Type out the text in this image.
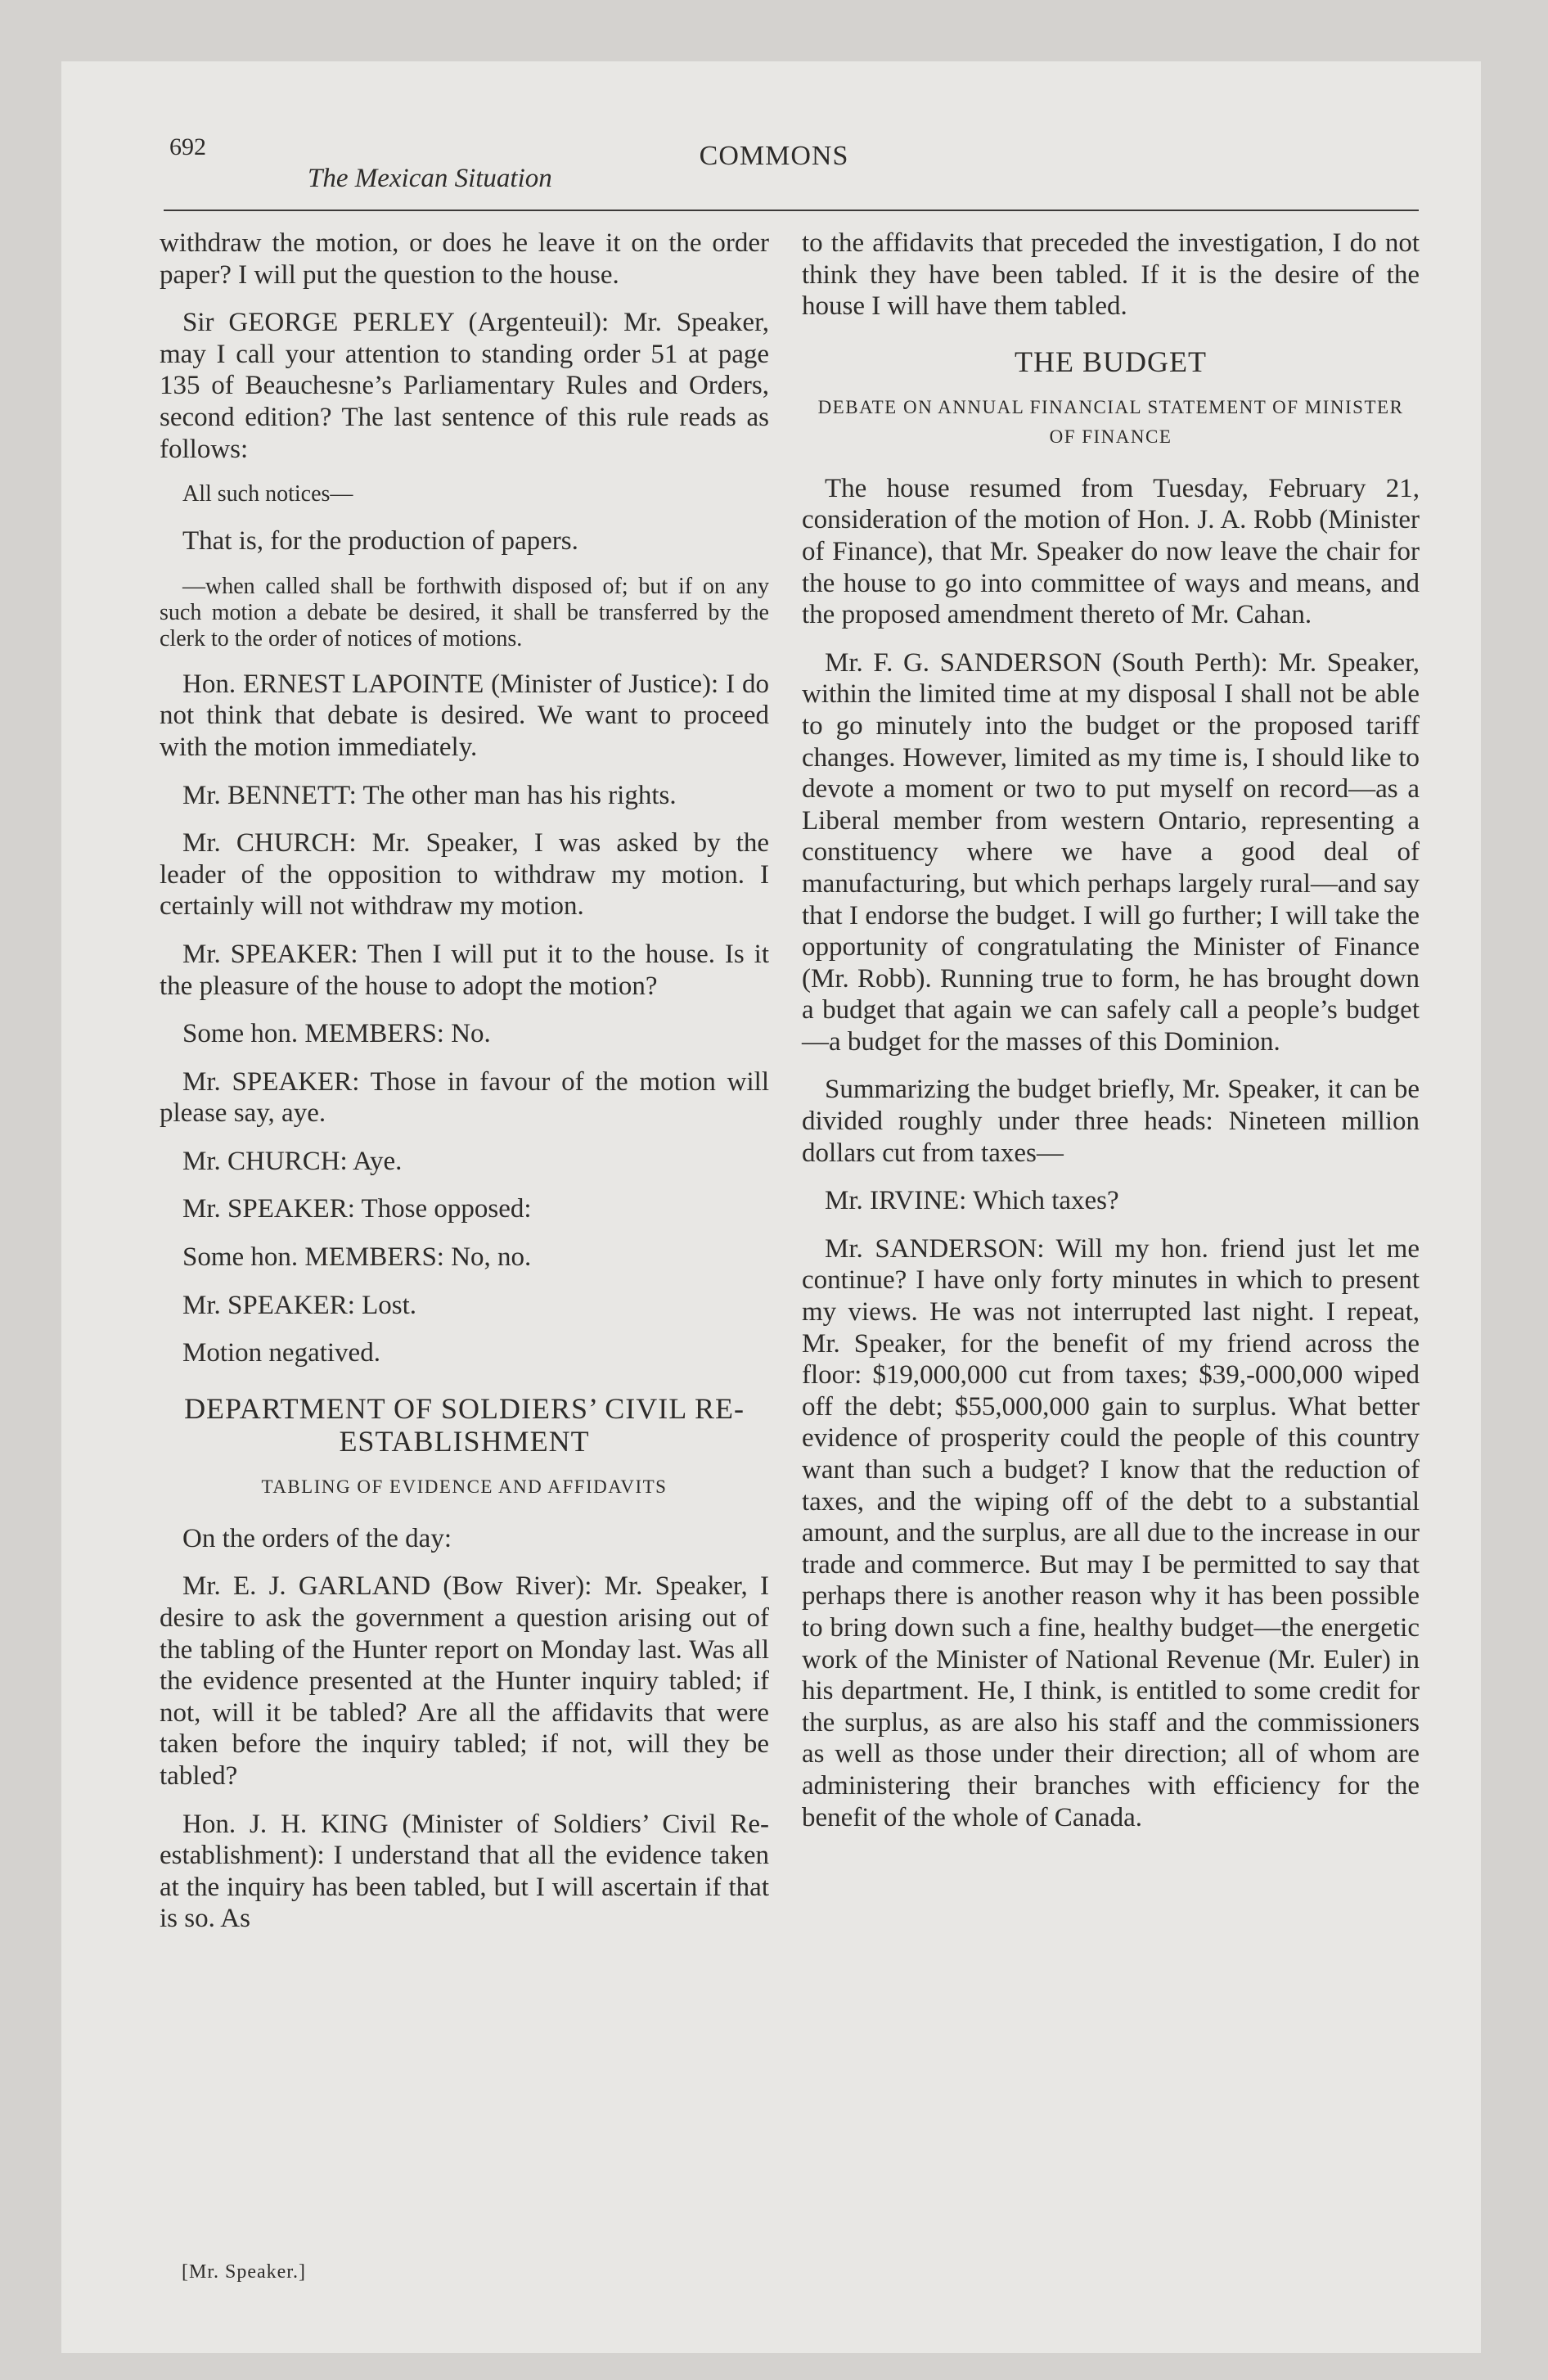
692	COMMONS
The Mexican Situation

withdraw the motion, or does he leave it on the order paper? I will put the question to the house.

Sir GEORGE PERLEY (Argenteuil): Mr. Speaker, may I call your attention to standing order 51 at page 135 of Beauchesne’s Parliamentary Rules and Orders, second edition? The last sentence of this rule reads as follows:

All such notices—

That is, for the production of papers.

—when called shall be forthwith disposed of; but if on any such motion a debate be desired, it shall be transferred by the clerk to the order of notices of motions.

Hon. ERNEST LAPOINTE (Minister of Justice): I do not think that debate is desired. We want to proceed with the motion immediately.

Mr. BENNETT: The other man has his rights.

Mr. CHURCH: Mr. Speaker, I was asked by the leader of the opposition to withdraw my motion. I certainly will not withdraw my motion.

Mr. SPEAKER: Then I will put it to the house. Is it the pleasure of the house to adopt the motion?

Some hon. MEMBERS: No.

Mr. SPEAKER: Those in favour of the motion will please say, aye.

Mr. CHURCH: Aye.

Mr. SPEAKER: Those opposed:

Some hon. MEMBERS: No, no.

Mr. SPEAKER: Lost.

Motion negatived.

DEPARTMENT OF SOLDIERS’ CIVIL RE-ESTABLISHMENT
TABLING OF EVIDENCE AND AFFIDAVITS

On the orders of the day:

Mr. E. J. GARLAND (Bow River): Mr. Speaker, I desire to ask the government a question arising out of the tabling of the Hunter report on Monday last. Was all the evidence presented at the Hunter inquiry tabled; if not, will it be tabled? Are all the affidavits that were taken before the inquiry tabled; if not, will they be tabled?

Hon. J. H. KING (Minister of Soldiers’ Civil Re-establishment): I understand that all the evidence taken at the inquiry has been tabled, but I will ascertain if that is so. As

to the affidavits that preceded the investigation, I do not think they have been tabled. If it is the desire of the house I will have them tabled.

THE BUDGET
DEBATE ON ANNUAL FINANCIAL STATEMENT OF MINISTER OF FINANCE

The house resumed from Tuesday, February 21, consideration of the motion of Hon. J. A. Robb (Minister of Finance), that Mr. Speaker do now leave the chair for the house to go into committee of ways and means, and the proposed amendment thereto of Mr. Cahan.

Mr. F. G. SANDERSON (South Perth): Mr. Speaker, within the limited time at my disposal I shall not be able to go minutely into the budget or the proposed tariff changes. However, limited as my time is, I should like to devote a moment or two to put myself on record—as a Liberal member from western Ontario, representing a constituency where we have a good deal of manufacturing, but which perhaps largely rural—and say that I endorse the budget. I will go further; I will take the opportunity of congratulating the Minister of Finance (Mr. Robb). Running true to form, he has brought down a budget that again we can safely call a people’s budget—a budget for the masses of this Dominion.

Summarizing the budget briefly, Mr. Speaker, it can be divided roughly under three heads: Nineteen million dollars cut from taxes—

Mr. IRVINE: Which taxes?

Mr. SANDERSON: Will my hon. friend just let me continue? I have only forty minutes in which to present my views. He was not interrupted last night. I repeat, Mr. Speaker, for the benefit of my friend across the floor: $19,000,000 cut from taxes; $39,-000,000 wiped off the debt; $55,000,000 gain to surplus. What better evidence of prosperity could the people of this country want than such a budget? I know that the reduction of taxes, and the wiping off of the debt to a substantial amount, and the surplus, are all due to the increase in our trade and commerce. But may I be permitted to say that perhaps there is another reason why it has been possible to bring down such a fine, healthy budget—the energetic work of the Minister of National Revenue (Mr. Euler) in his department. He, I think, is entitled to some credit for the surplus, as are also his staff and the commissioners as well as those under their direction; all of whom are administering their branches with efficiency for the benefit of the whole of Canada.

[Mr. Speaker.]
